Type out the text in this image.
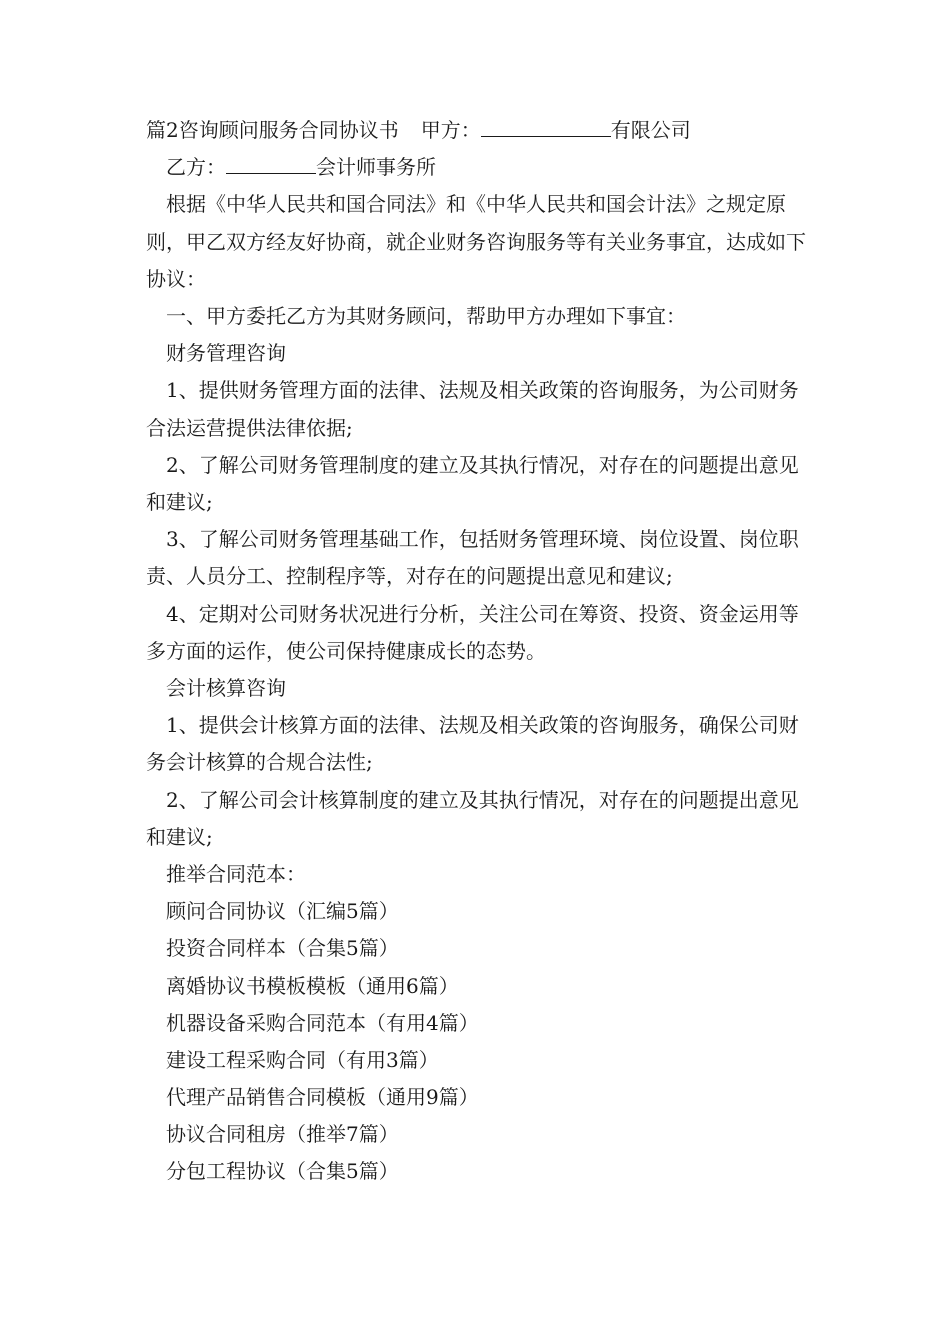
篇2咨询顾问服务合同协议书 甲方：	有限公司
乙方：	会计师事务所

根据《中华人民共和国合同法》和《中华人民共和国会计法》之规定原则，甲乙双方经友好协商，就企业财务咨询服务等有关业务事宜，达成如下协议：

一、甲方委托乙方为其财务顾问，帮助甲方办理如下事宜：
财务管理咨询

1、提供财务管理方面的法律、法规及相关政策的咨询服务，为公司财务合法运营提供法律依据;

2、了解公司财务管理制度的建立及其执行情况，对存在的问题提出意见和建议;

3、了解公司财务管理基础工作，包括财务管理环境、岗位设置、岗位职责、人员分工、控制程序等，对存在的问题提出意见和建议;

4、定期对公司财务状况进行分析，关注公司在筹资、投资、资金运用等多方面的运作，使公司保持健康成长的态势。

会计核算咨询

1、提供会计核算方面的法律、法规及相关政策的咨询服务，确保公司财务会计核算的合规合法性;

2、了解公司会计核算制度的建立及其执行情况，对存在的问题提出意见和建议;

推举合同范本：
顾问合同协议（汇编5篇）
投资合同样本（合集5篇）
离婚协议书模板模板（通用6篇）
机器设备采购合同范本（有用4篇）
建设工程采购合同（有用3篇）
代理产品销售合同模板（通用9篇）
协议合同租房（推举7篇）
分包工程协议（合集5篇）
